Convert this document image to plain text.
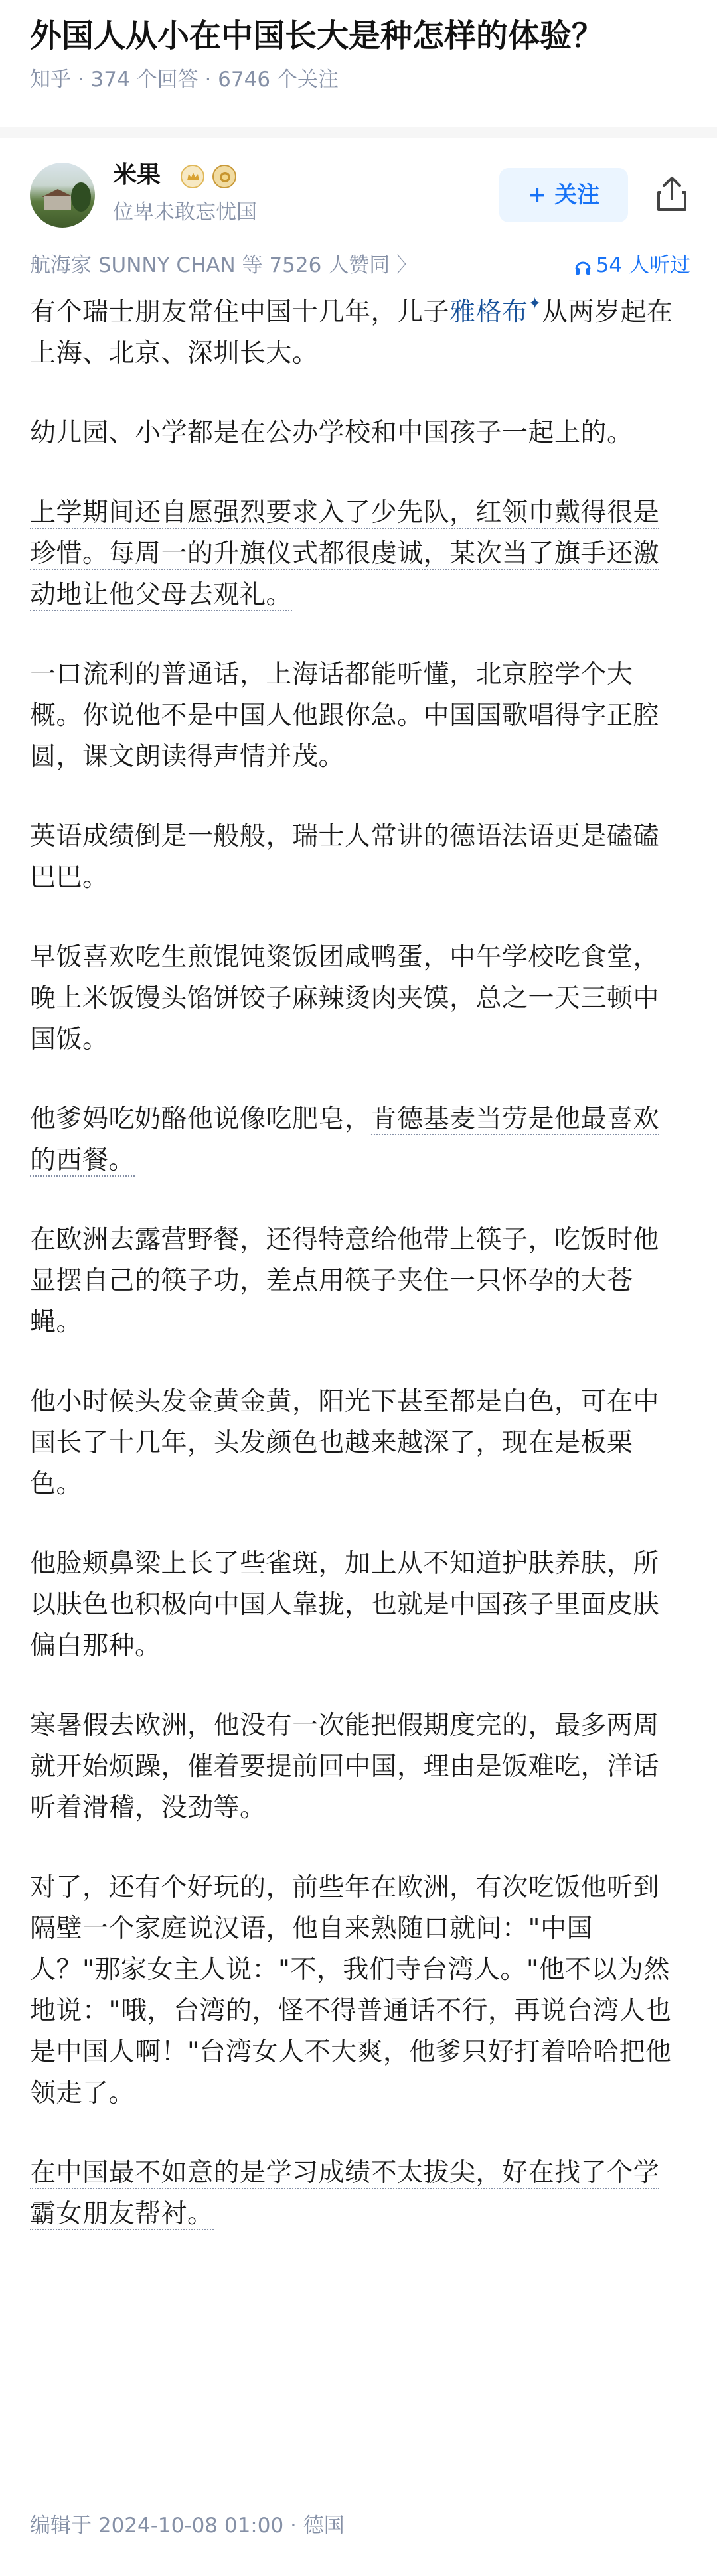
外国人从小在中国长大是种怎样的体验？
知乎 · 374 个回答 · 6746 个关注
米果
位卑未敢忘忧国
+ 关注
航海家 SUNNY CHAN 等 7526 人赞同 〉	54 人听过

有个瑞士朋友常住中国十几年，儿子雅格布✦从两岁起在上海、北京、深圳长大。

幼儿园、小学都是在公办学校和中国孩子一起上的。

上学期间还自愿强烈要求入了少先队，红领巾戴得很是珍惜。每周一的升旗仪式都很虔诚，某次当了旗手还激动地让他父母去观礼。

一口流利的普通话，上海话都能听懂，北京腔学个大概。你说他不是中国人他跟你急。中国国歌唱得字正腔圆，课文朗读得声情并茂。

英语成绩倒是一般般，瑞士人常讲的德语法语更是磕磕巴巴。

早饭喜欢吃生煎馄饨粢饭团咸鸭蛋，中午学校吃食堂，晚上米饭馒头馅饼饺子麻辣烫肉夹馍，总之一天三顿中国饭。

他爹妈吃奶酪他说像吃肥皂，肯德基麦当劳是他最喜欢的西餐。

在欧洲去露营野餐，还得特意给他带上筷子，吃饭时他显摆自己的筷子功，差点用筷子夹住一只怀孕的大苍蝇。

他小时候头发金黄金黄，阳光下甚至都是白色，可在中国长了十几年，头发颜色也越来越深了，现在是板栗色。

他脸颊鼻梁上长了些雀斑，加上从不知道护肤养肤，所以肤色也积极向中国人靠拢，也就是中国孩子里面皮肤偏白那种。

寒暑假去欧洲，他没有一次能把假期度完的，最多两周就开始烦躁，催着要提前回中国，理由是饭难吃，洋话听着滑稽，没劲等。

对了，还有个好玩的，前些年在欧洲，有次吃饭他听到隔壁一个家庭说汉语，他自来熟随口就问："中国人？"那家女主人说："不，我们寺台湾人。"他不以为然地说："哦，台湾的，怪不得普通话不行，再说台湾人也是中国人啊！"台湾女人不大爽，他爹只好打着哈哈把他领走了。

在中国最不如意的是学习成绩不太拔尖，好在找了个学霸女朋友帮衬。

编辑于 2024-10-08 01:00 · 德国
